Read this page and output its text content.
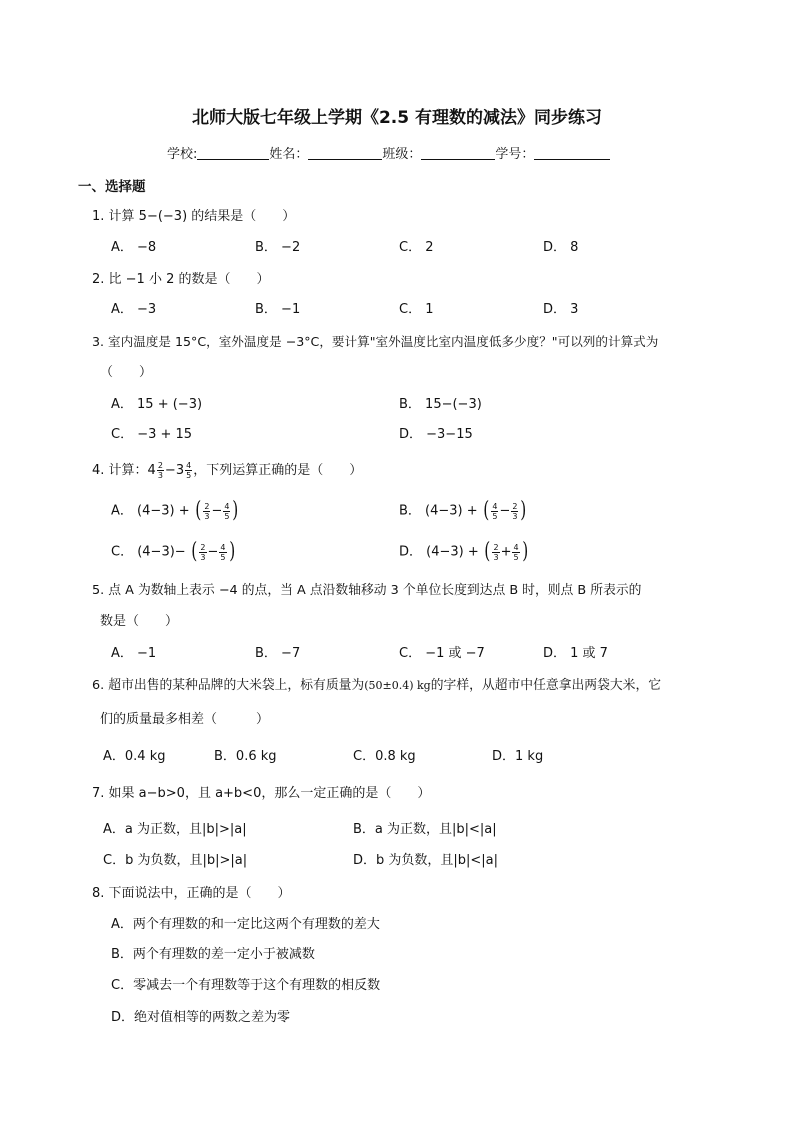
北师大版七年级上学期《2.5 有理数的减法》同步练习
学校:	姓名：	班级：	学号：
一、选择题
1. 计算 5−(−3) 的结果是（　　）
A． −8	B． −2	C． 2	D． 8
2. 比 −1 小 2 的数是（　　）
A． −3	B． −1	C． 1	D． 3
3. 室内温度是 15°C，室外温度是 −3°C，要计算"室外温度比室内温度低多少度？"可以列的计算式为
（　　）
A． 15 + (−3)	B． 15−(−3)
C． −3 + 15	D． −3−15
4. 计算：$4 \frac{2}{3} -3 \frac{4}{5}$ ，下列运算正确的是（　　）
A． (4−3) + ( $\frac{2}{3} - \frac{4}{5}$ )	B． (4−3) + ( $\frac{4}{5} - \frac{2}{3}$ )
C． (4−3)− ( $\frac{2}{3} - \frac{4}{5}$ )	D． (4−3) + ( $\frac{2}{3} + \frac{4}{5}$ )
5. 点 A 为数轴上表示 −4 的点，当 A 点沿数轴移动 3 个单位长度到达点 B 时，则点 B 所表示的
数是（　　）
A． −1	B． −7	C． −1 或 −7	D． 1 或 7
6. 超市出售的某种品牌的大米袋上，标有质量为(50±0.4) kg的字样，从超市中任意拿出两袋大米，它
们的质量最多相差（　　　）
A．0.4 kg	B．0.6 kg	C．0.8 kg	D．1 kg
7. 如果 a−b>0，且 a+b<0，那么一定正确的是（　　）
A．a 为正数，且|b|>|a|	B．a 为正数，且|b|<|a|
C．b 为负数，且|b|>|a|	D．b 为负数，且|b|<|a|
8. 下面说法中，正确的是（　　）
A．两个有理数的和一定比这两个有理数的差大
B．两个有理数的差一定小于被减数
C．零减去一个有理数等于这个有理数的相反数
D．绝对值相等的两数之差为零
